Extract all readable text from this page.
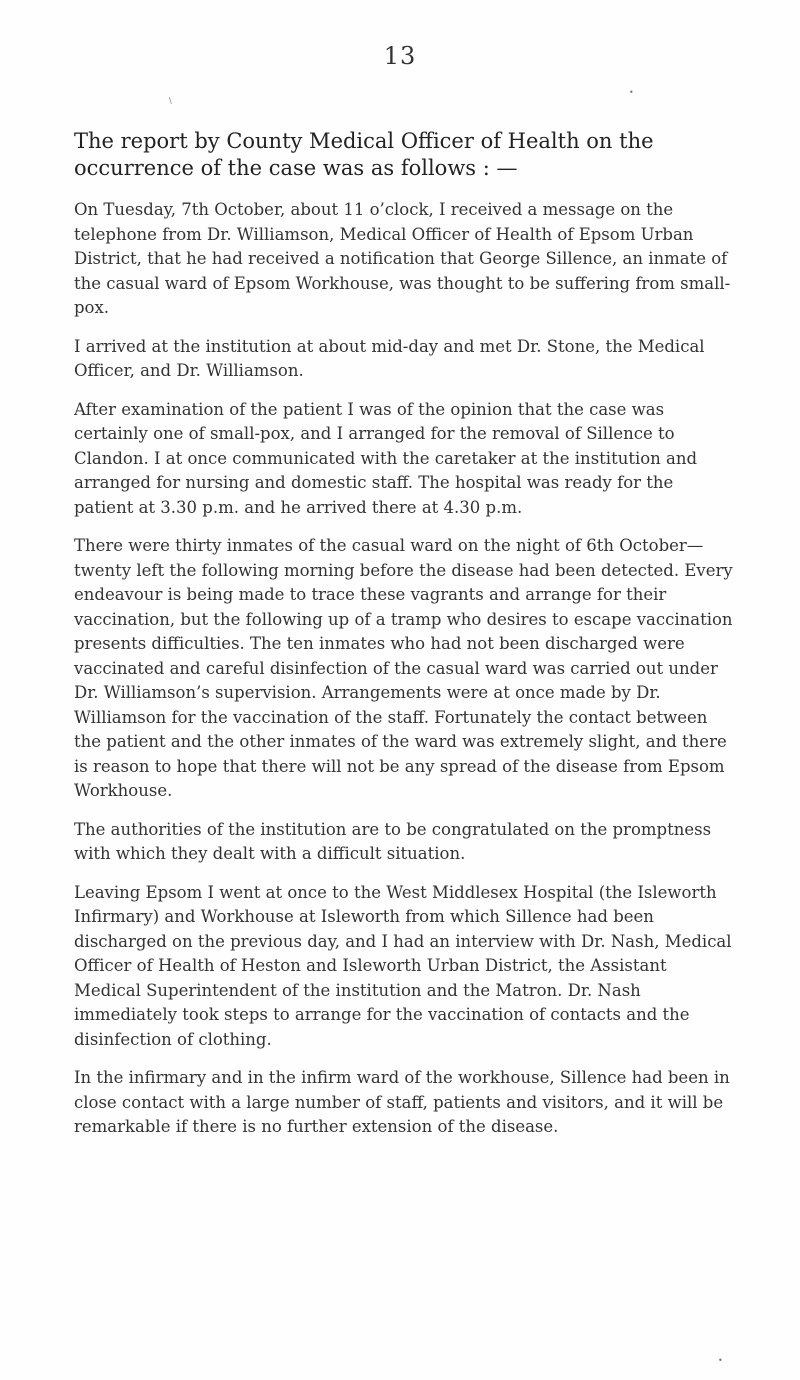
13
\
•
•

The report by County Medical Officer of Health on the occurrence of the case was as follows : —

On Tuesday, 7th October, about 11 o’clock, I received a message on the telephone from Dr. Williamson, Medical Officer of Health of Epsom Urban District, that he had received a notification that George Sillence, an inmate of the casual ward of Epsom Workhouse, was thought to be suffering from small-pox.

I arrived at the institution at about mid-day and met Dr. Stone, the Medical Officer, and Dr. Williamson.

After examination of the patient I was of the opinion that the case was certainly one of small-pox, and I arranged for the removal of Sillence to Clandon. I at once communicated with the caretaker at the institution and arranged for nursing and domestic staff. The hospital was ready for the patient at 3.30 p.m. and he arrived there at 4.30 p.m.

There were thirty inmates of the casual ward on the night of 6th October—twenty left the following morning before the disease had been detected. Every endeavour is being made to trace these vagrants and arrange for their vaccination, but the following up of a tramp who desires to escape vaccination presents difficulties. The ten inmates who had not been discharged were vaccinated and careful disinfection of the casual ward was carried out under Dr. Williamson’s supervision. Arrangements were at once made by Dr. Williamson for the vaccination of the staff. Fortunately the contact between the patient and the other inmates of the ward was extremely slight, and there is reason to hope that there will not be any spread of the disease from Epsom Workhouse.

The authorities of the institution are to be congratulated on the promptness with which they dealt with a difficult situation.

Leaving Epsom I went at once to the West Middlesex Hospital (the Isleworth Infirmary) and Workhouse at Isleworth from which Sillence had been discharged on the previous day, and I had an interview with Dr. Nash, Medical Officer of Health of Heston and Isleworth Urban District, the Assistant Medical Superintendent of the institution and the Matron. Dr. Nash immediately took steps to arrange for the vaccination of contacts and the disinfection of clothing.

In the infirmary and in the infirm ward of the workhouse, Sillence had been in close contact with a large number of staff, patients and visitors, and it will be remarkable if there is no further extension of the disease.
